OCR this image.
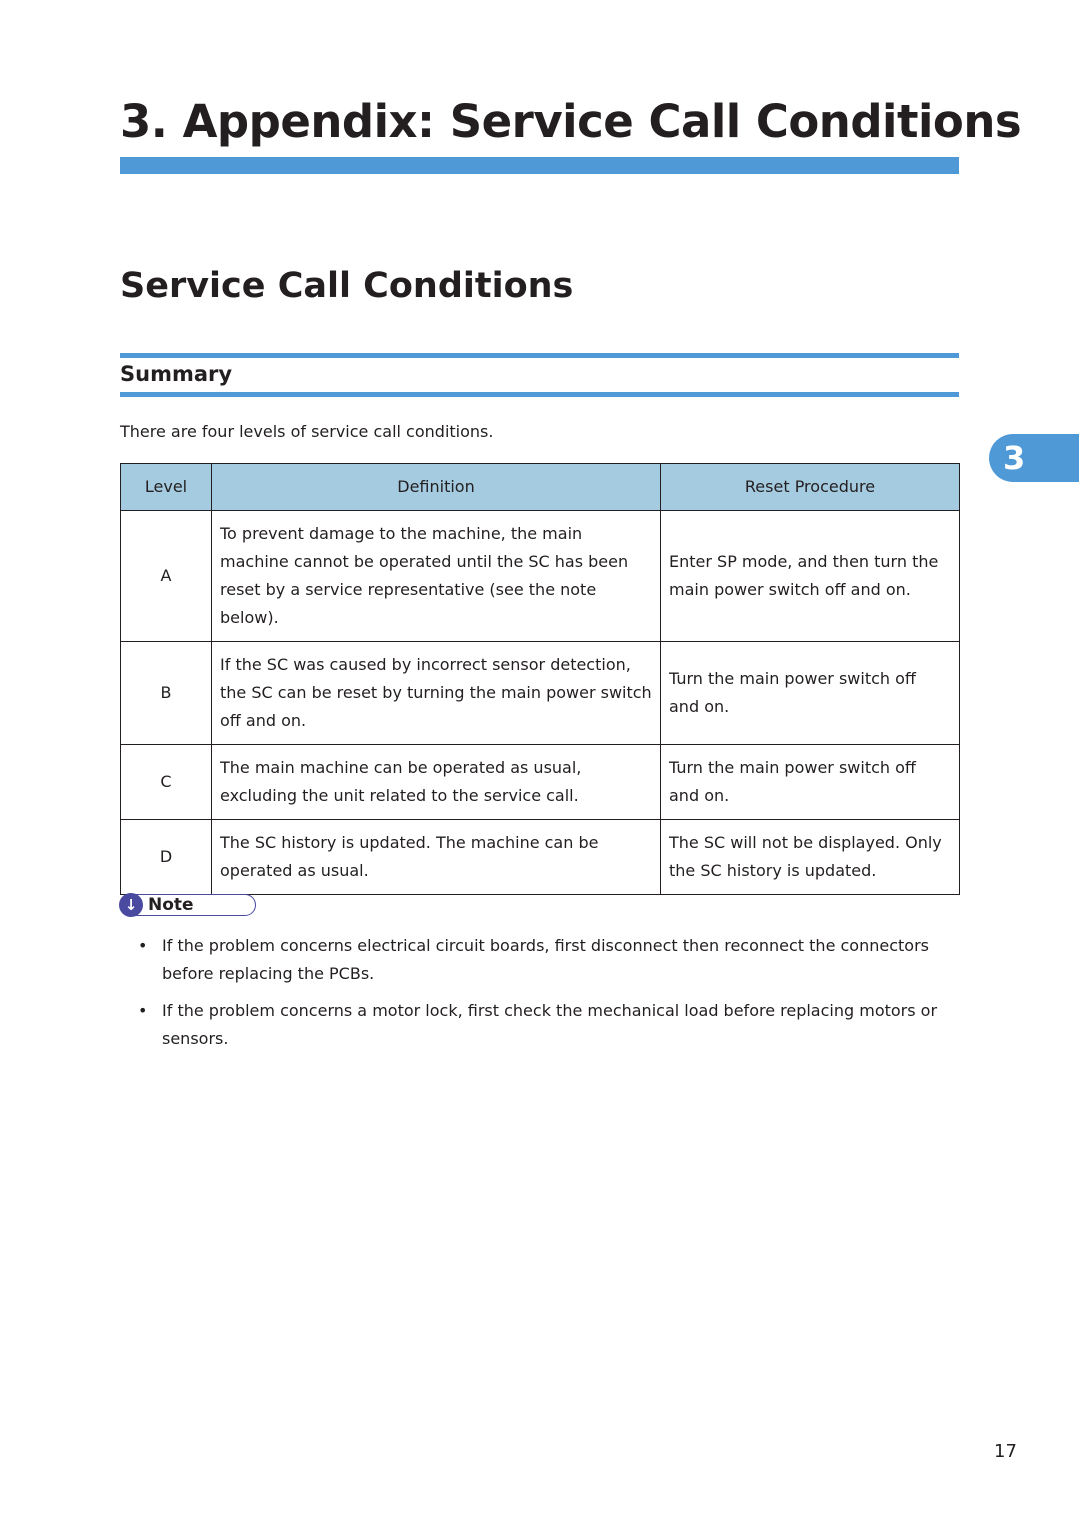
3. Appendix: Service Call Conditions
Service Call Conditions
Summary

There are four levels of service call conditions.

Level	Definition	Reset Procedure
A	To prevent damage to the machine, the main machine cannot be operated until the SC has been reset by a service representative (see the note below).	Enter SP mode, and then turn the main power switch off and on.
B	If the SC was caused by incorrect sensor detection, the SC can be reset by turning the main power switch off and on.	Turn the main power switch off and on.
C	The main machine can be operated as usual, excluding the unit related to the service call.	Turn the main power switch off and on.
D	The SC history is updated. The machine can be operated as usual.	The SC will not be displayed. Only the SC history is updated.
↓ Note
• If the problem concerns electrical circuit boards, first disconnect then reconnect the connectors before replacing the PCBs.
• If the problem concerns a motor lock, first check the mechanical load before replacing motors or sensors.
3
17
